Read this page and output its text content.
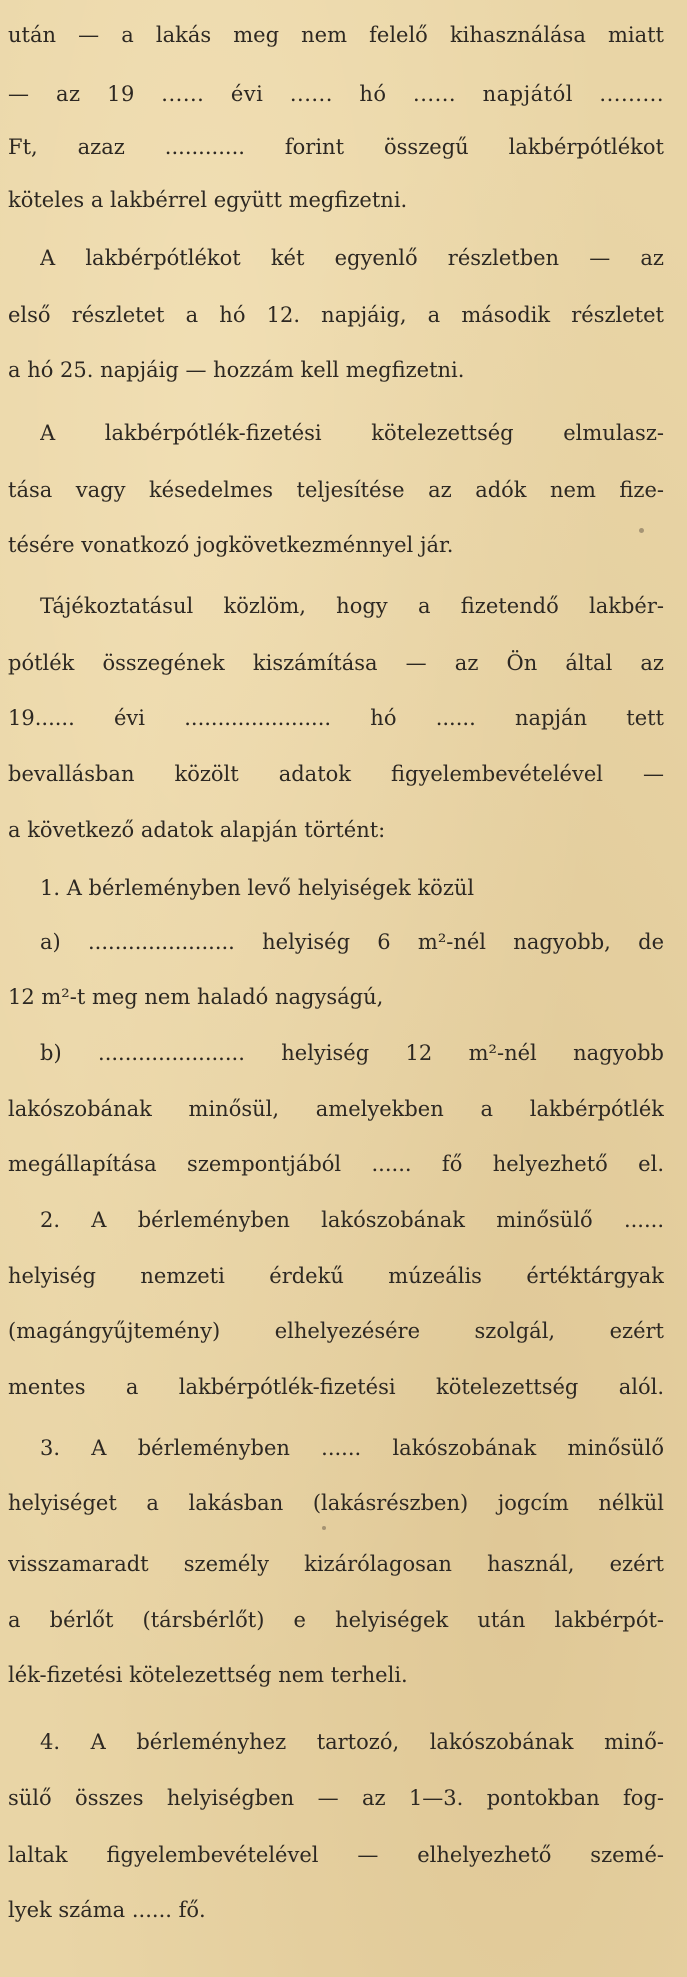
után — a lakás meg nem felelő kihasználása miatt
— az 19 ...... évi ...... hó ...... napjától .........
Ft, azaz ............ forint összegű lakbérpótlékot
köteles a lakbérrel együtt megfizetni.
A lakbérpótlékot két egyenlő részletben — az
első részletet a hó 12. napjáig, a második részletet
a hó 25. napjáig — hozzám kell megfizetni.
A lakbérpótlék-fizetési kötelezettség elmulasz-
tása vagy késedelmes teljesítése az adók nem fize-
tésére vonatkozó jogkövetkezménnyel jár.
Tájékoztatásul közlöm, hogy a fizetendő lakbér-
pótlék összegének kiszámítása — az Ön által az
19...... évi ...................... hó ...... napján tett
bevallásban közölt adatok figyelembevételével —
a következő adatok alapján történt:
1. A bérleményben levő helyiségek közül
a) ...................... helyiség 6 m²-nél nagyobb, de
12 m²-t meg nem haladó nagyságú,
b) ...................... helyiség 12 m²-nél nagyobb
lakószobának minősül, amelyekben a lakbérpótlék
megállapítása szempontjából ...... fő helyezhető el.
2. A bérleményben lakószobának minősülő ......
helyiség nemzeti érdekű múzeális értéktárgyak
(magángyűjtemény) elhelyezésére szolgál, ezért
mentes a lakbérpótlék-fizetési kötelezettség alól.
3. A bérleményben ...... lakószobának minősülő
helyiséget a lakásban (lakásrészben) jogcím nélkül
visszamaradt személy kizárólagosan használ, ezért
a bérlőt (társbérlőt) e helyiségek után lakbérpót-
lék-fizetési kötelezettség nem terheli.
4. A bérleményhez tartozó, lakószobának minő-
sülő összes helyiségben — az 1—3. pontokban fog-
laltak figyelembevételével — elhelyezhető szemé-
lyek száma ...... fő.
